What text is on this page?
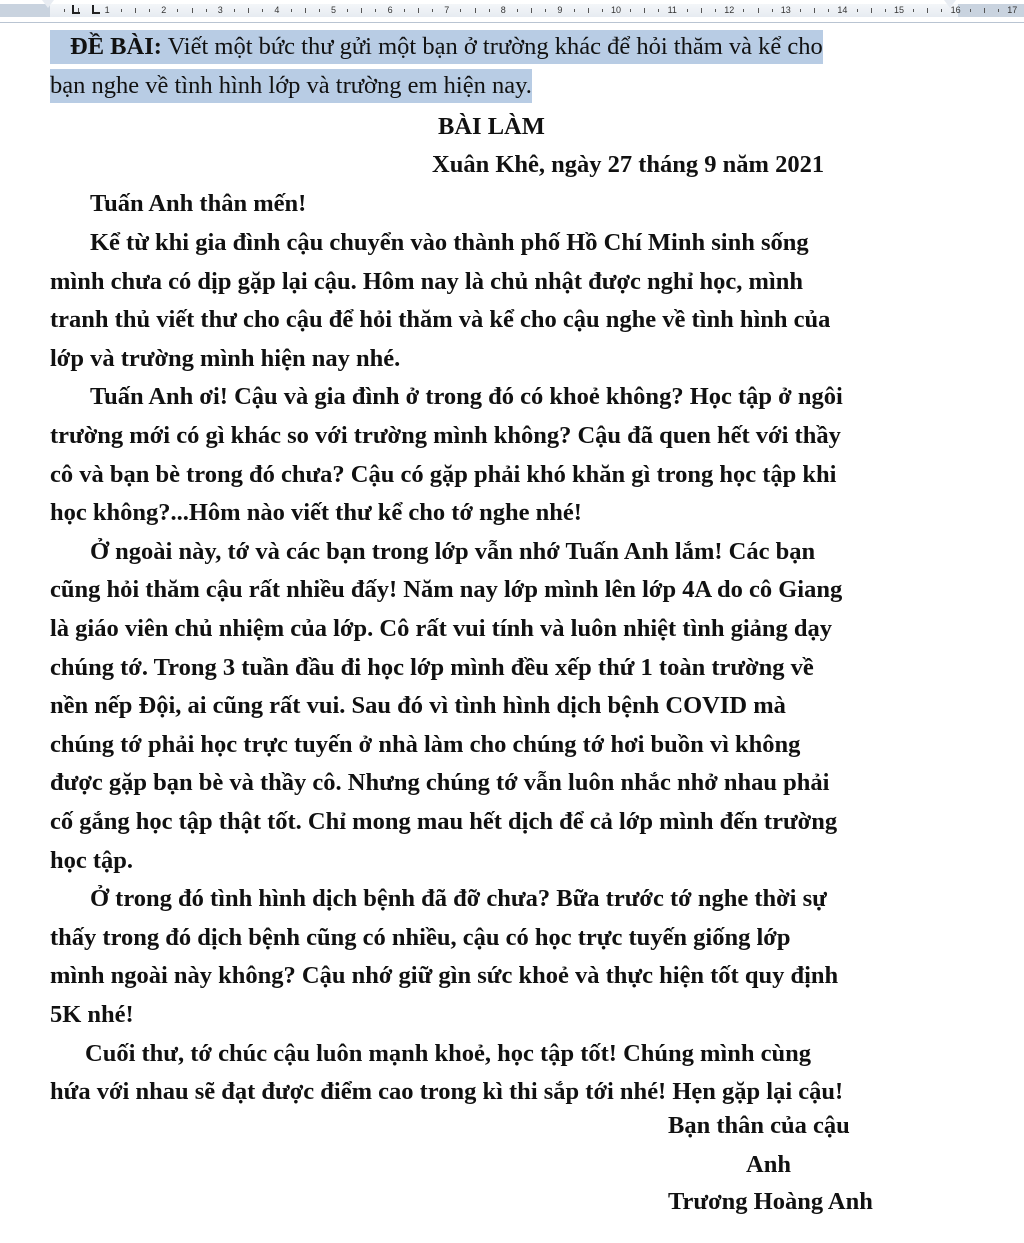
1	2	3	4	5	6	7	8	9	10	11	12	13	14	15	16	17
ĐỀ BÀI: Viết một bức thư gửi một bạn ở trường khác để hỏi thăm và kể cho
bạn nghe về tình hình lớp và trường em hiện nay.
BÀI LÀM
Xuân Khê, ngày 27 tháng 9 năm 2021
Tuấn Anh thân mến!
Kể từ khi gia đình cậu chuyển vào thành phố Hồ Chí Minh sinh sống
mình chưa có dịp gặp lại cậu. Hôm nay là chủ nhật được nghỉ học, mình
tranh thủ viết thư cho cậu để hỏi thăm và kể cho cậu nghe về tình hình của
lớp và trường mình hiện nay nhé.
Tuấn Anh ơi! Cậu và gia đình ở trong đó có khoẻ không? Học tập ở ngôi
trường mới có gì khác so với trường mình không? Cậu đã quen hết với thầy
cô và bạn bè trong đó chưa? Cậu có gặp phải khó khăn gì trong học tập khi
học không?...Hôm nào viết thư kể cho tớ nghe nhé!
Ở ngoài này, tớ và các bạn trong lớp vẫn nhớ Tuấn Anh lắm! Các bạn
cũng hỏi thăm cậu rất nhiều đấy! Năm nay lớp mình lên lớp 4A do cô Giang
là giáo viên chủ nhiệm của lớp. Cô rất vui tính và luôn nhiệt tình giảng dạy
chúng tớ. Trong 3 tuần đầu đi học lớp mình đều xếp thứ 1 toàn trường về
nền nếp Đội, ai cũng rất vui. Sau đó vì tình hình dịch bệnh COVID mà
chúng tớ phải học trực tuyến ở nhà làm cho chúng tớ hơi buồn vì không
được gặp bạn bè và thầy cô. Nhưng chúng tớ vẫn luôn nhắc nhở nhau phải
cố gắng học tập thật tốt. Chỉ mong mau hết dịch để cả lớp mình đến trường
học tập.
Ở trong đó tình hình dịch bệnh đã đỡ chưa? Bữa trước tớ nghe thời sự
thấy trong đó dịch bệnh cũng có nhiều, cậu có học trực tuyến giống lớp
mình ngoài này không? Cậu nhớ giữ gìn sức khoẻ và thực hiện tốt quy định
5K nhé!
Cuối thư, tớ chúc cậu luôn mạnh khoẻ, học tập tốt! Chúng mình cùng
hứa với nhau sẽ đạt được điểm cao trong kì thi sắp tới nhé! Hẹn gặp lại cậu!
Bạn thân của cậu
Anh
Trương Hoàng Anh
